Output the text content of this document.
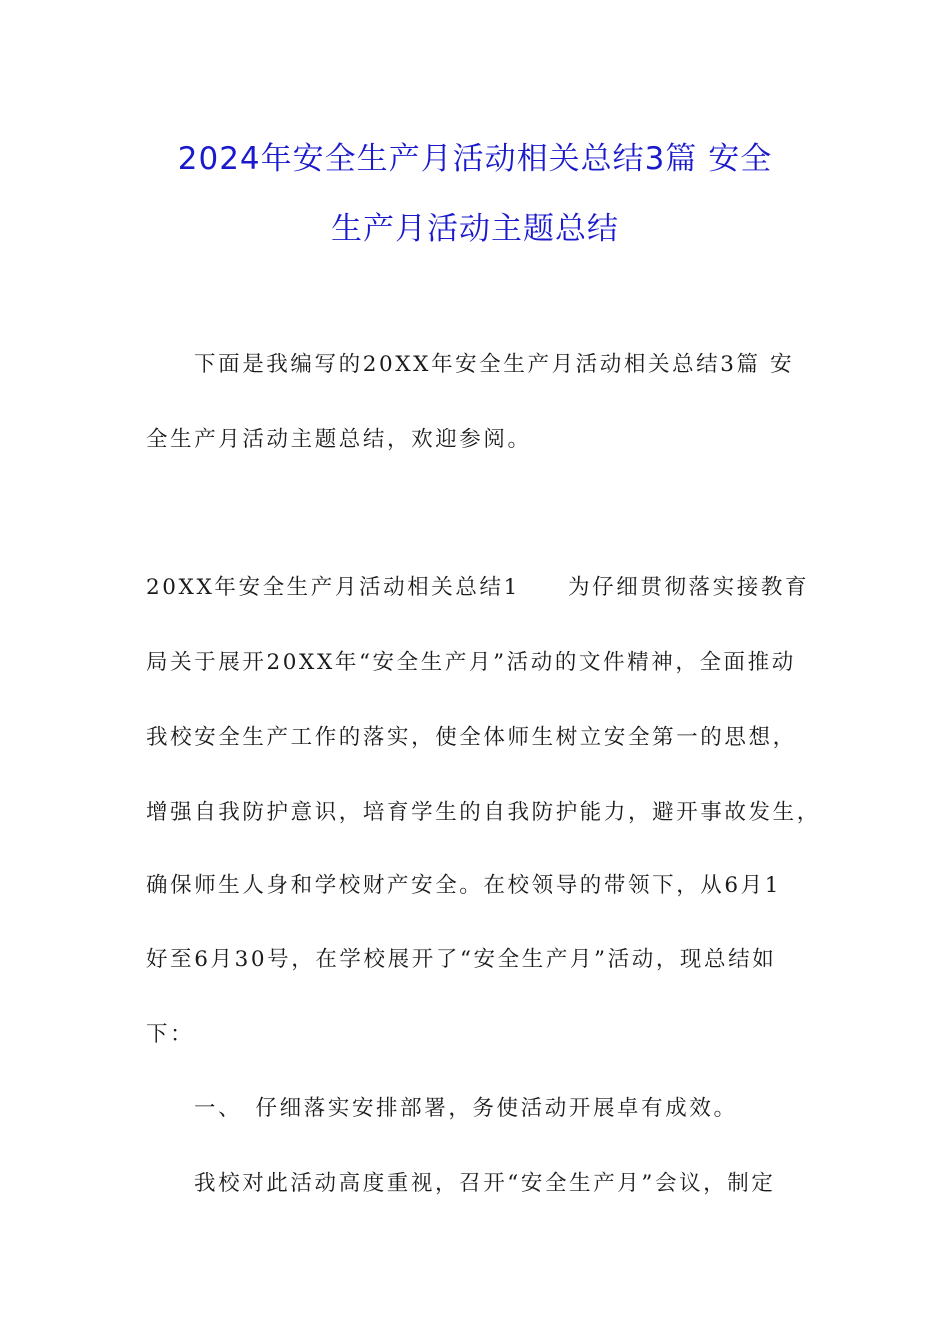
2024年安全生产月活动相关总结3篇 安全
生产月活动主题总结
下面是我编写的20XX年安全生产月活动相关总结3篇 安
全生产月活动主题总结，欢迎参阅。
20XX年安全生产月活动相关总结1　　为仔细贯彻落实接教育
局关于展开20XX年“安全生产月”活动的文件精神，全面推动
我校安全生产工作的落实，使全体师生树立安全第一的思想，
增强自我防护意识，培育学生的自我防护能力，避开事故发生，
确保师生人身和学校财产安全。在校领导的带领下，从6月1
好至6月30号，在学校展开了“安全生产月”活动，现总结如
下：
一、　仔细落实安排部署，务使活动开展卓有成效。
我校对此活动高度重视，召开“安全生产月”会议，制定
